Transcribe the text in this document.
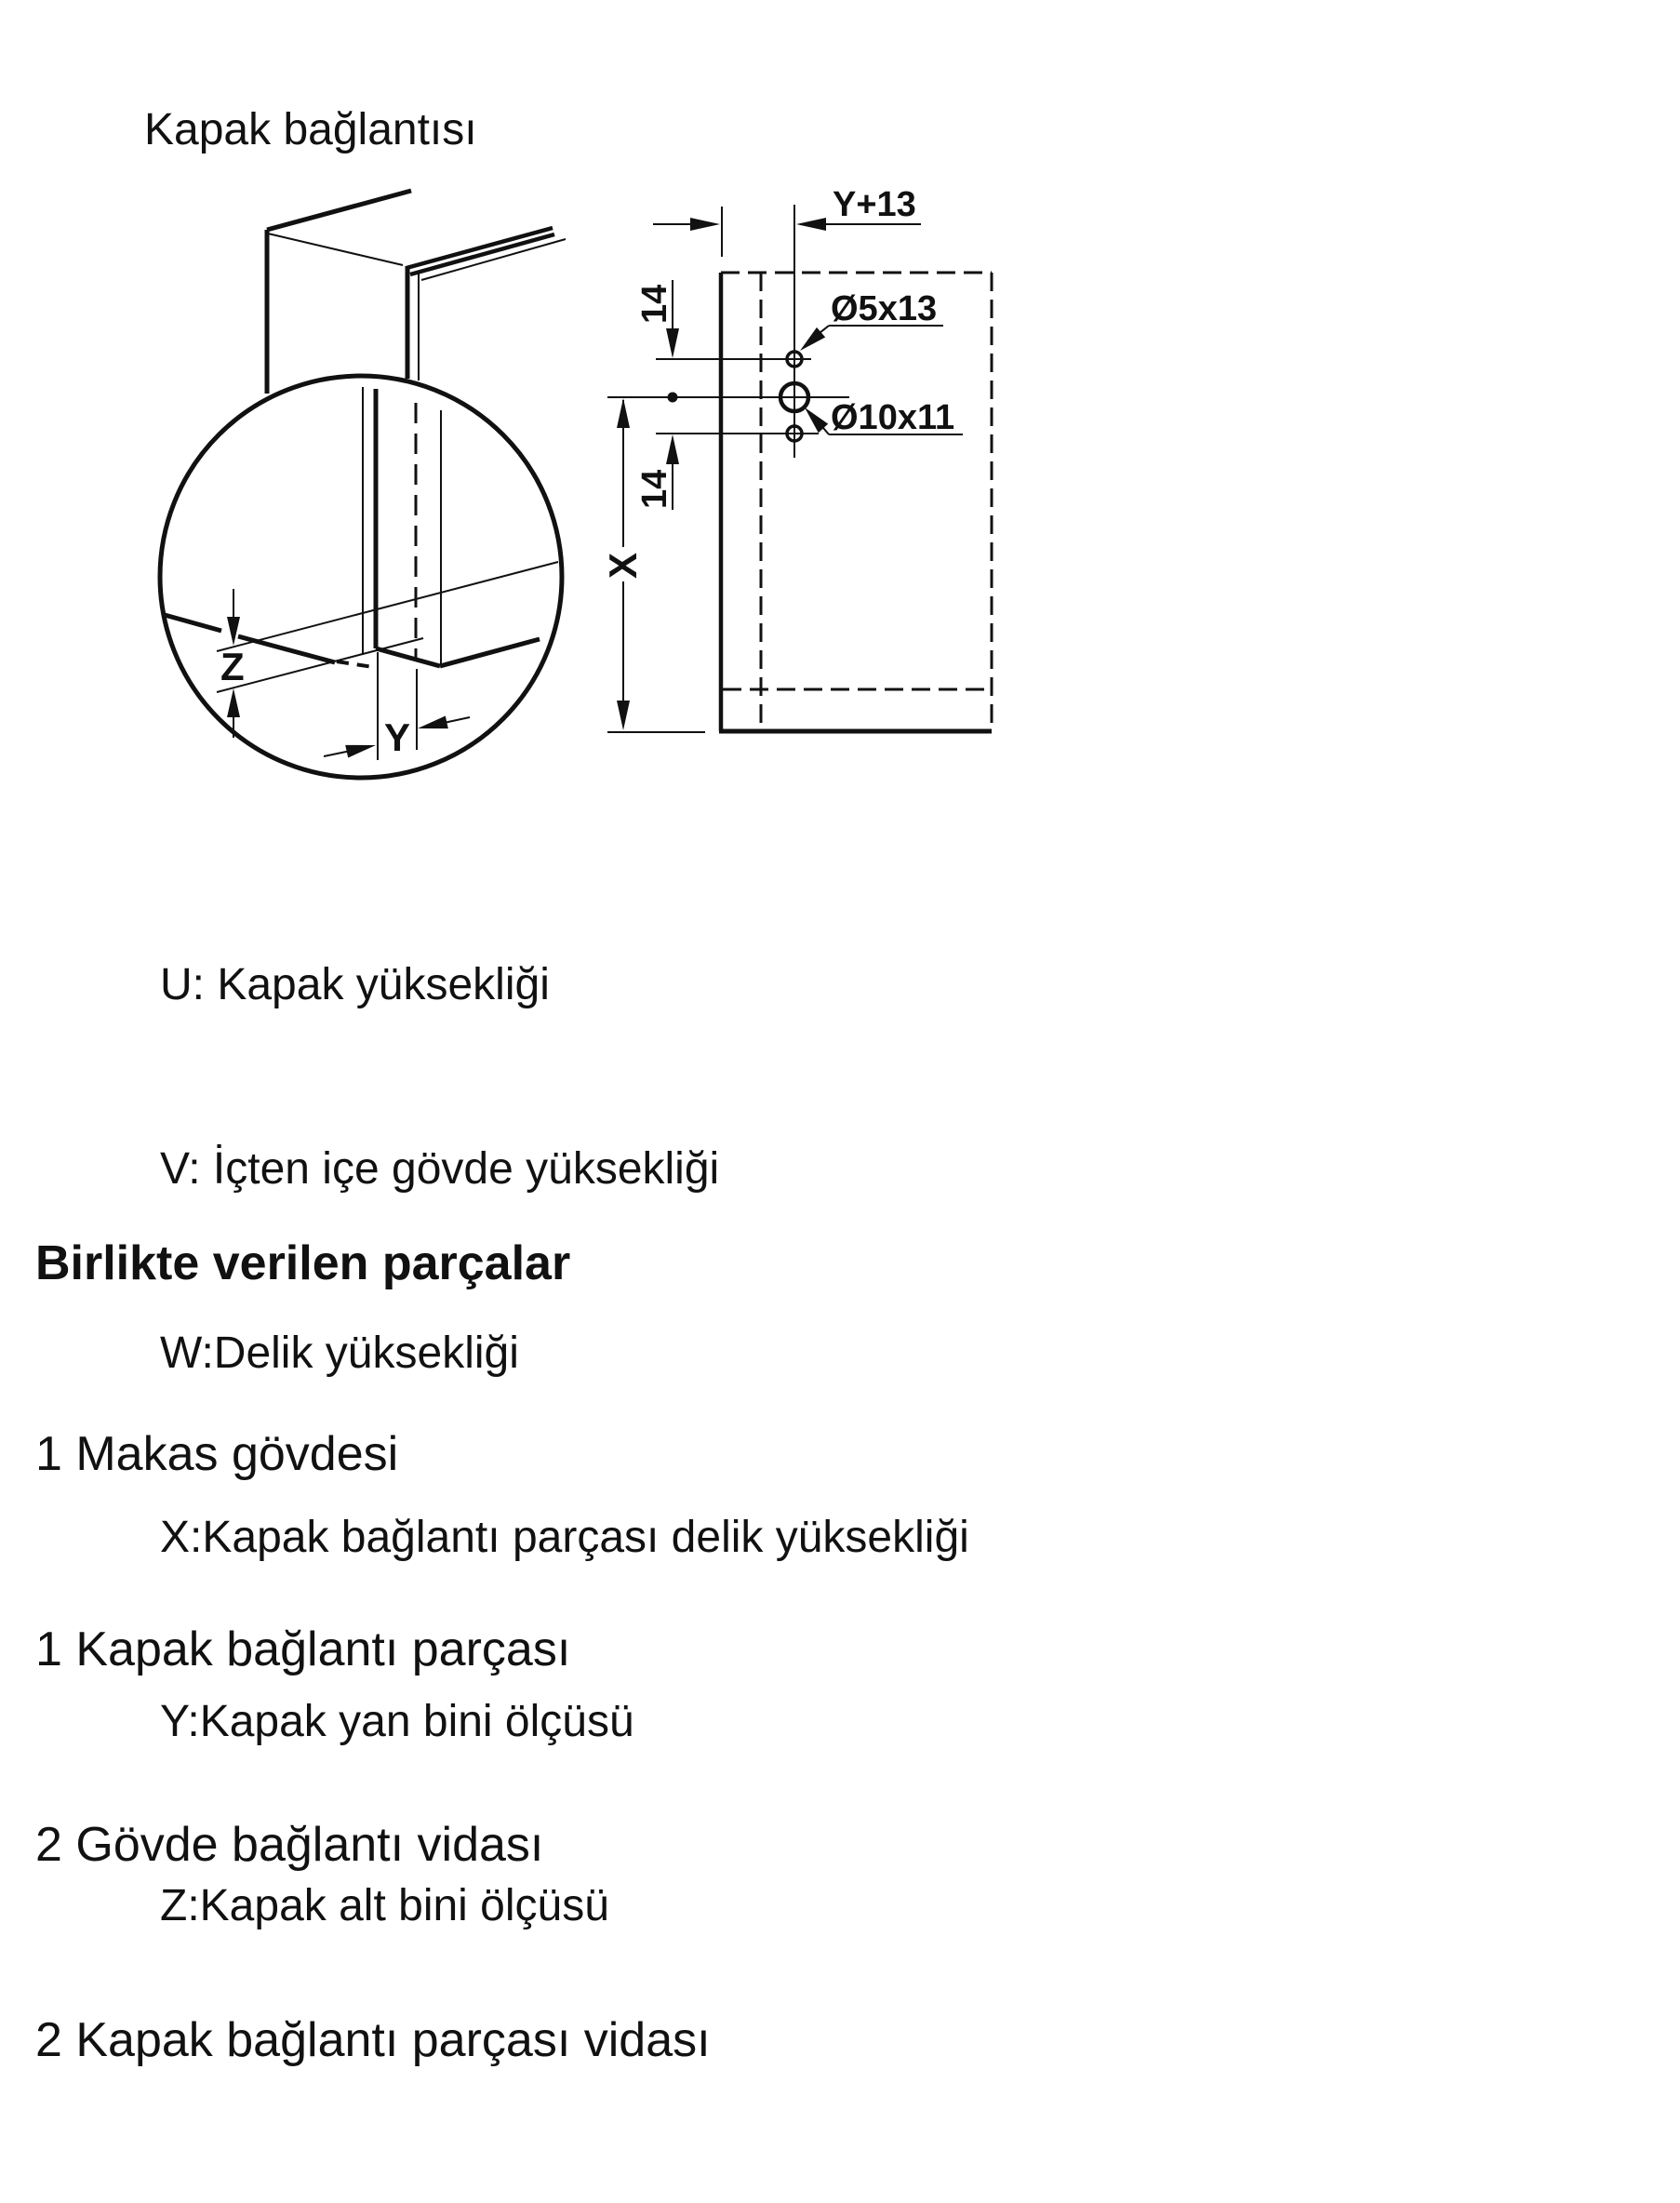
Kapak bağlantısı
Z
Y
Y+13
Ø5x13
Ø10x11
14
14
X

U: Kapak yüksekliği

V: İçten içe gövde yüksekliği

W:Delik yüksekliği

X:Kapak bağlantı parçası delik yüksekliği

Y:Kapak yan bini ölçüsü

Z:Kapak alt bini ölçüsü

Birlikte verilen parçalar

1 Makas gövdesi

1 Kapak bağlantı parçası

2 Gövde bağlantı vidası

2 Kapak bağlantı parçası vidası
